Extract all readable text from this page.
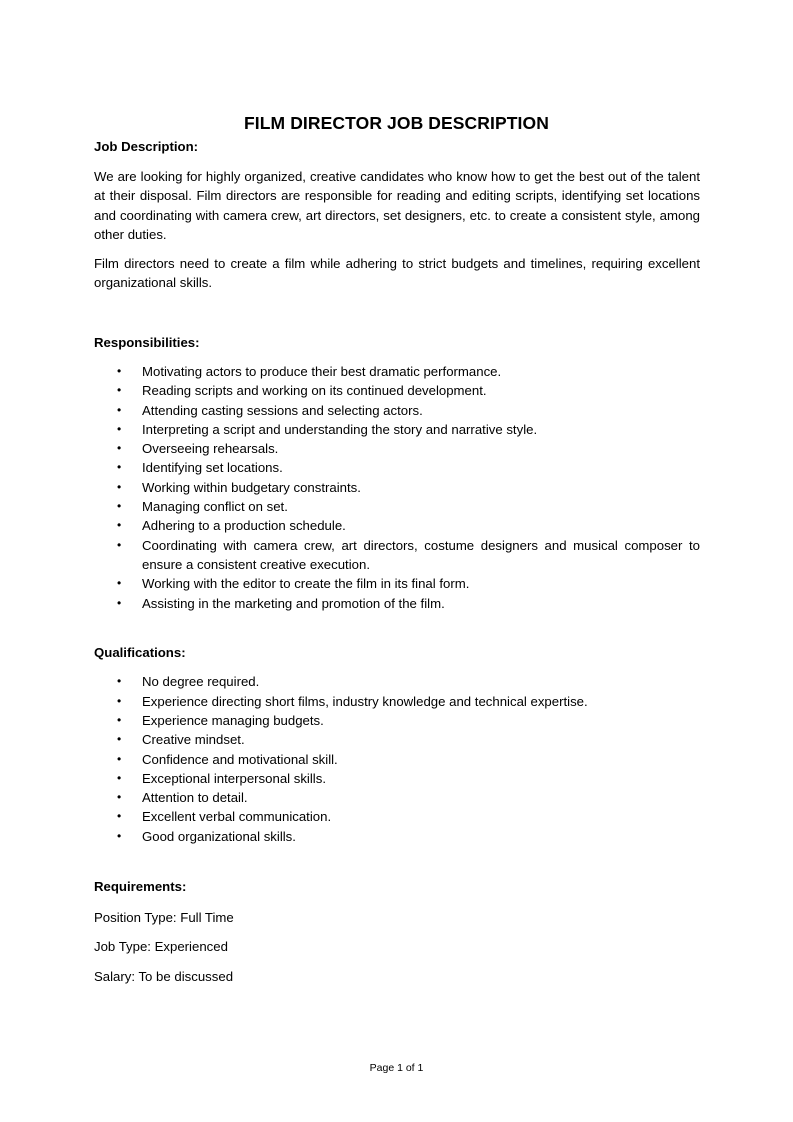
FILM DIRECTOR JOB DESCRIPTION

Job Description:

We are looking for highly organized, creative candidates who know how to get the best out of the talent at their disposal. Film directors are responsible for reading and editing scripts, identifying set locations and coordinating with camera crew, art directors, set designers, etc. to create a consistent style, among other duties.

Film directors need to create a film while adhering to strict budgets and timelines, requiring excellent organizational skills.

Responsibilities:

• Motivating actors to produce their best dramatic performance.
• Reading scripts and working on its continued development.
• Attending casting sessions and selecting actors.
• Interpreting a script and understanding the story and narrative style.
• Overseeing rehearsals.
• Identifying set locations.
• Working within budgetary constraints.
• Managing conflict on set.
• Adhering to a production schedule.
• Coordinating with camera crew, art directors, costume designers and musical composer to ensure a consistent creative execution.
• Working with the editor to create the film in its final form.
• Assisting in the marketing and promotion of the film.

Qualifications:

• No degree required.
• Experience directing short films, industry knowledge and technical expertise.
• Experience managing budgets.
• Creative mindset.
• Confidence and motivational skill.
• Exceptional interpersonal skills.
• Attention to detail.
• Excellent verbal communication.
• Good organizational skills.

Requirements:

Position Type: Full Time

Job Type: Experienced

Salary: To be discussed

Page 1 of 1
